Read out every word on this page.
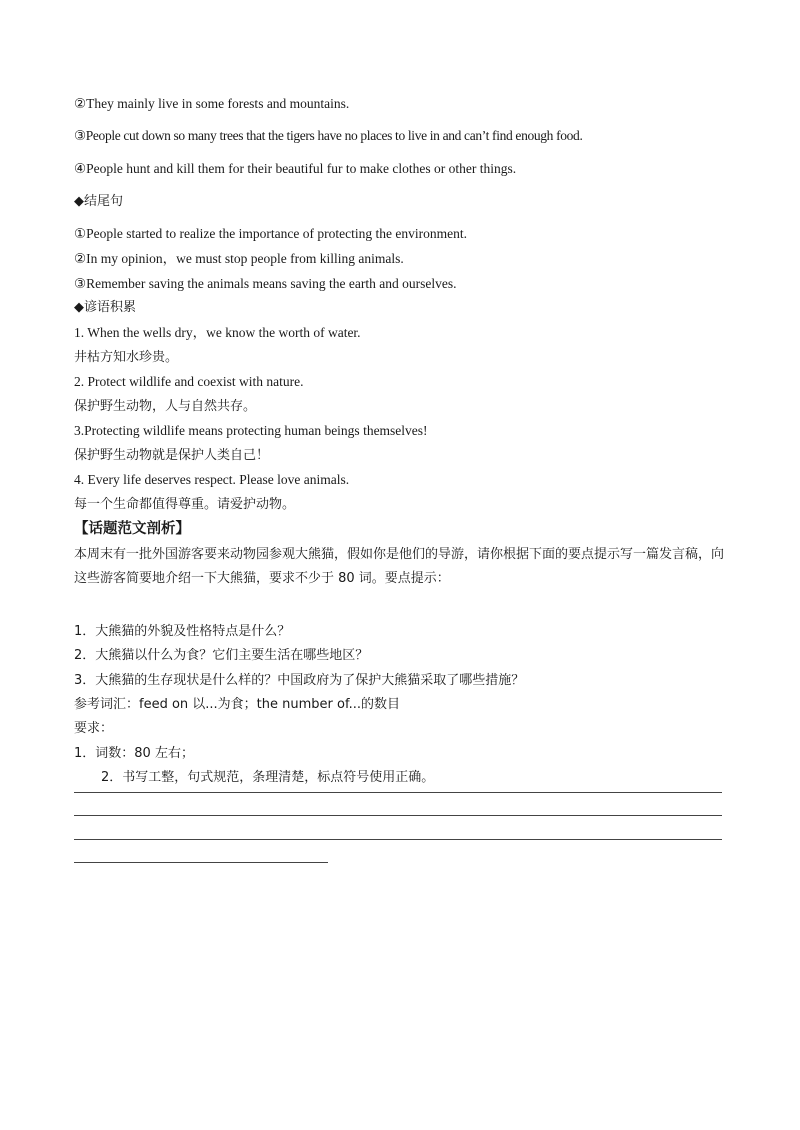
②They mainly live in some forests and mountains.
③People cut down so many trees that the tigers have no places to live in and can’t find enough food.
④People hunt and kill them for their beautiful fur to make clothes or other things.
◆结尾句
①People started to realize the importance of protecting the environment.
②In my opinion，we must stop people from killing animals.
③Remember saving the animals means saving the earth and ourselves.
◆谚语积累
1. When the wells dry，we know the worth of water.
井枯方知水珍贵。
2. Protect wildlife and coexist with nature.
保护野生动物，人与自然共存。
3.Protecting wildlife means protecting human beings themselves!
保护野生动物就是保护人类自己！
4. Every life deserves respect. Please love animals.
每一个生命都值得尊重。请爱护动物。
【话题范文剖析】
本周末有一批外国游客要来动物园参观大熊猫，假如你是他们的导游，请你根据下面的要点提示写一篇发言稿，向这些游客简要地介绍一下大熊猫，要求不少于 80 词。要点提示：
1．大熊猫的外貌及性格特点是什么？
2．大熊猫以什么为食？它们主要生活在哪些地区？
3．大熊猫的生存现状是什么样的？中国政府为了保护大熊猫采取了哪些措施？
参考词汇：feed on 以...为食；the number of...的数目
要求：
1．词数：80 左右；
2．书写工整，句式规范，条理清楚，标点符号使用正确。
